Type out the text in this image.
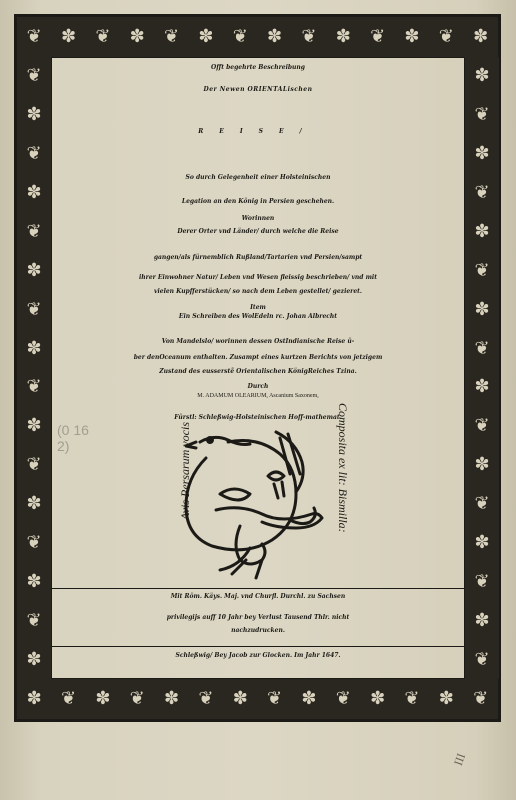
❦ ✽ ❦ ✽ ❦ ✽ ❦ ✽ ❦ ✽ ❦ ✽ ❦ ✽
✽ ❦ ✽ ❦ ✽ ❦ ✽ ❦ ✽ ❦ ✽ ❦ ✽ ❦
❦
✽
❦
✽
❦
✽
❦
✽
❦
✽
❦
✽
❦
✽
❦
✽
✽
❦
✽
❦
✽
❦
✽
❦
✽
❦
✽
❦
✽
❦
✽
❦
Offt begehrte Beschreibung
Der Newen ORIENTALischen
REISE/
So durch Gelegenheit einer Holsteinischen
Legation an den König in Persien geschehen.
Worinnen
Derer Orter vnd Länder/ durch welche die Reise
gangen/als fürnemblich Rußland/Tartarien vnd Persien/sampt
ihrer Einwohner Natur/ Leben vnd Wesen fleissig beschrieben/ vnd mit
vielen Kupfferstücken/ so nach dem Leben gestellet/ gezieret.
Item
Ein Schreiben des WolEdeln rc. Johan Albrecht
Von Mandelslo/ worinnen dessen OstIndianische Reise ü-
ber denOceanum enthalten. Zusampt eines kurtzen Berichts von jetzigem
Zustand des eusserstẽ Orientalischen KönigReiches Tzina.
Durch
M. ADAMUM OLEARIUM, Ascanium Saxonem,
Fürstl: Schleßwig-Holsteinischen Hoff-mathemat.
(0 16 2)	Avis Persarum vocis	Composita ex lit: Bismilla:
Mit Röm. Käys. Maj. vnd Churfl. Durchl. zu Sachsen
privilegijs auff 10 Jahr bey Verlust Tausend Thlr. nicht
nachzudrucken.
Schleßwig/ Bey Jacob zur Glocken. Im Jahr 1647.
III
